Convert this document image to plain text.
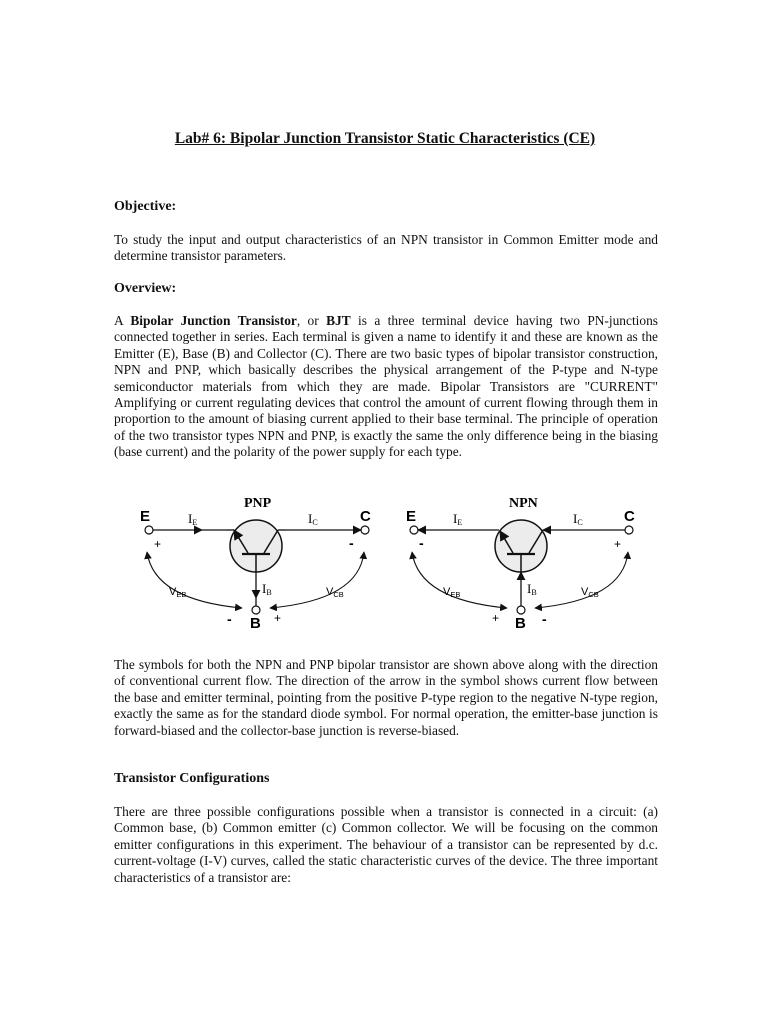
Lab# 6: Bipolar Junction Transistor Static Characteristics (CE)
Objective:
To study the input and output characteristics of an NPN transistor in Common Emitter mode and determine transistor parameters.
Overview:
A Bipolar Junction Transistor, or BJT is a three terminal device having two PN-junctions connected together in series. Each terminal is given a name to identify it and these are known as the Emitter (E), Base (B) and Collector (C). There are two basic types of bipolar transistor construction, NPN and PNP, which basically describes the physical arrangement of the P-type and N-type semiconductor materials from which they are made. Bipolar Transistors are "CURRENT" Amplifying or current regulating devices that control the amount of current flowing through them in proportion to the amount of biasing current applied to their base terminal. The principle of operation of the two transistor types NPN and PNP, is exactly the same the only difference being in the biasing (base current) and the polarity of the power supply for each type.
PNP
E	C
IE	IC
IB
+	-
-	+
B
VEB	VCB
NPN
E	C
IE	IC
IB
-	+
+	-
B
VEB	VCB
The symbols for both the NPN and PNP bipolar transistor are shown above along with the direction of conventional current flow. The direction of the arrow in the symbol shows current flow between the base and emitter terminal, pointing from the positive P-type region to the negative N-type region, exactly the same as for the standard diode symbol. For normal operation, the emitter-base junction is forward-biased and the collector-base junction is reverse-biased.
Transistor Configurations
There are three possible configurations possible when a transistor is connected in a circuit: (a) Common base, (b) Common emitter (c) Common collector. We will be focusing on the common emitter configurations in this experiment. The behaviour of a transistor can be represented by d.c. current-voltage (I-V) curves, called the static characteristic curves of the device. The three important characteristics of a transistor are:
